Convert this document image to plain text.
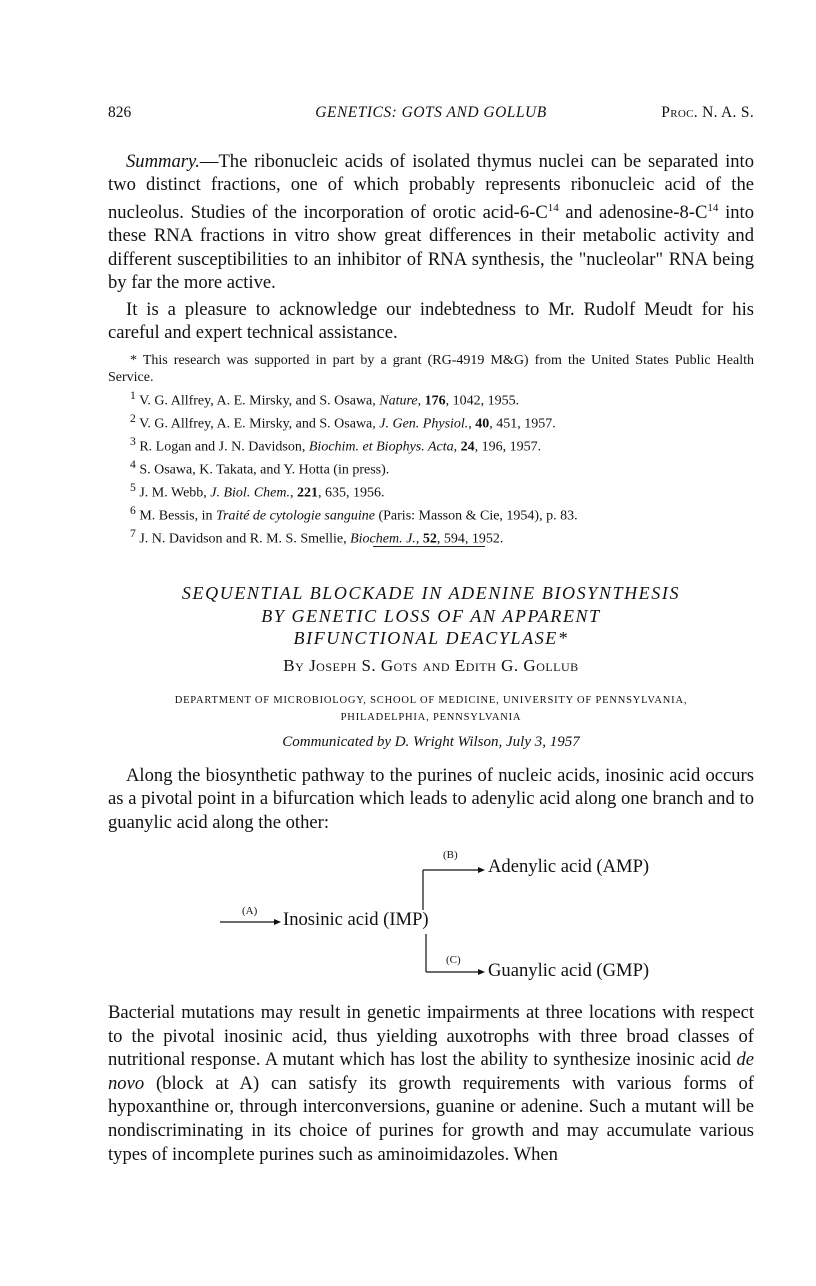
826	GENETICS: GOTS AND GOLLUB	Proc. N. A. S.

Summary.—The ribonucleic acids of isolated thymus nuclei can be separated into two distinct fractions, one of which probably represents ribonucleic acid of the nucleolus. Studies of the incorporation of orotic acid-$6-C^{14}$ and adenosine-$8-C^{14}$ into these RNA fractions in vitro show great differences in their metabolic activity and different susceptibilities to an inhibitor of RNA synthesis, the "nucleolar" RNA being by far the more active.

It is a pleasure to acknowledge our indebtedness to Mr. Rudolf Meudt for his careful and expert technical assistance.

* This research was supported in part by a grant (RG-4919 M&G) from the United States Public Health Service.

$^1$ V. G. Allfrey, A. E. Mirsky, and S. Osawa, Nature, 176, 1042, 1955.

$^2$ V. G. Allfrey, A. E. Mirsky, and S. Osawa, J. Gen. Physiol., 40, 451, 1957.

$^3$ R. Logan and J. N. Davidson, Biochim. et Biophys. Acta, 24, 196, 1957.

$^4$ S. Osawa, K. Takata, and Y. Hotta (in press).

$^5$ J. M. Webb, J. Biol. Chem., 221, 635, 1956.

$^6$ M. Bessis, in Traité de cytologie sanguine (Paris: Masson & Cie, 1954), p. 83.

$^7$ J. N. Davidson and R. M. S. Smellie, Biochem. J., 52, 594, 1952.

SEQUENTIAL BLOCKADE IN ADENINE BIOSYNTHESIS
BY GENETIC LOSS OF AN APPARENT
BIFUNCTIONAL DEACYLASE*
By Joseph S. Gots and Edith G. Gollub
DEPARTMENT OF MICROBIOLOGY, SCHOOL OF MEDICINE, UNIVERSITY OF PENNSYLVANIA,
PHILADELPHIA, PENNSYLVANIA
Communicated by D. Wright Wilson, July 3, 1957

Along the biosynthetic pathway to the purines of nucleic acids, inosinic acid occurs as a pivotal point in a bifurcation which leads to adenylic acid along one branch and to guanylic acid along the other:

(A)
(B)
(C)
Inosinic acid (IMP)
Adenylic acid (AMP)
Guanylic acid (GMP)

Bacterial mutations may result in genetic impairments at three locations with respect to the pivotal inosinic acid, thus yielding auxotrophs with three broad classes of nutritional response. A mutant which has lost the ability to synthesize inosinic acid de novo (block at A) can satisfy its growth requirements with various forms of hypoxanthine or, through interconversions, guanine or adenine. Such a mutant will be nondiscriminating in its choice of purines for growth and may accumulate various types of incomplete purines such as aminoimidazoles. When
